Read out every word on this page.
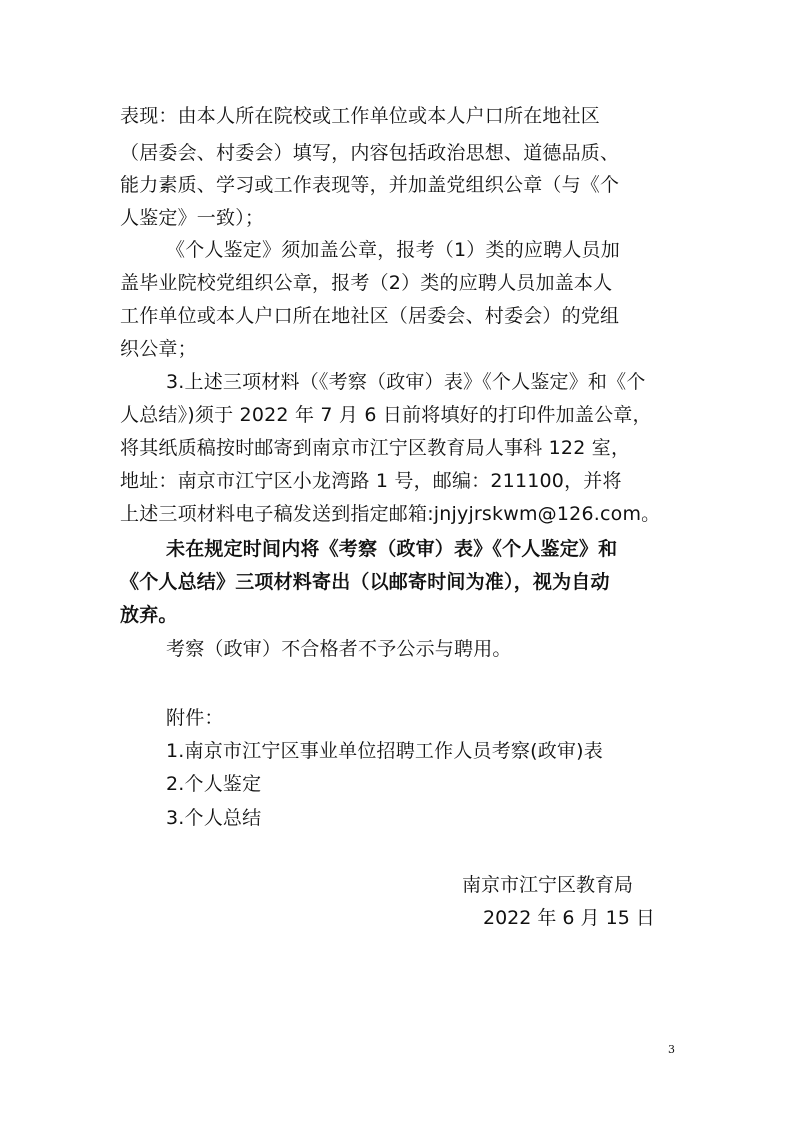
表现：由本人所在院校或工作单位或本人户口所在地社区
（居委会、村委会）填写，内容包括政治思想、道德品质、
能力素质、学习或工作表现等，并加盖党组织公章（与《个
人鉴定》一致）；
《个人鉴定》须加盖公章，报考（1）类的应聘人员加
盖毕业院校党组织公章，报考（2）类的应聘人员加盖本人
工作单位或本人户口所在地社区（居委会、村委会）的党组
织公章；
3.上述三项材料（《考察（政审）表》《个人鉴定》和《个
人总结》)须于 2022 年 7 月 6 日前将填好的打印件加盖公章，
将其纸质稿按时邮寄到南京市江宁区教育局人事科 122 室，
地址：南京市江宁区小龙湾路 1 号，邮编：211100，并将
上述三项材料电子稿发送到指定邮箱:jnjyjrskwm@126.com。
未在规定时间内将《考察（政审）表》《个人鉴定》和
《个人总结》三项材料寄出（以邮寄时间为准），视为自动
放弃。
考察（政审）不合格者不予公示与聘用。
附件：
1.南京市江宁区事业单位招聘工作人员考察(政审)表
2.个人鉴定
3.个人总结
南京市江宁区教育局
2022 年 6 月 15 日
3
